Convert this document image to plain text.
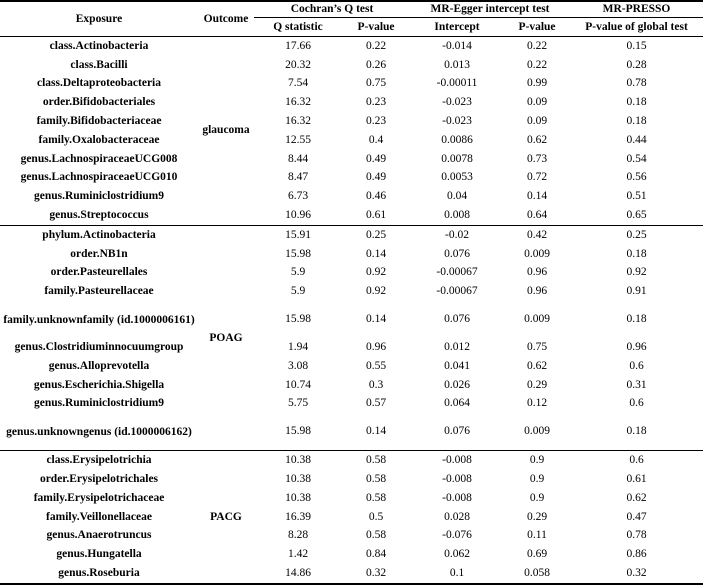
Exposure	Outcome	Cochran’s Q test		MR-Egger intercept test		MR-PRESSO
		Q statistic	P-value	Intercept	P-value	P-value of global test
class.Actinobacteria	glaucoma	17.66	0.22	-0.014	0.22	0.15
class.Bacilli		20.32	0.26	0.013	0.22	0.28
class.Deltaproteobacteria		7.54	0.75	-0.00011	0.99	0.78
order.Bifidobacteriales		16.32	0.23	-0.023	0.09	0.18
family.Bifidobacteriaceae		16.32	0.23	-0.023	0.09	0.18
family.Oxalobacteraceae		12.55	0.4	0.0086	0.62	0.44
genus.LachnospiraceaeUCG008		8.44	0.49	0.0078	0.73	0.54
genus.LachnospiraceaeUCG010		8.47	0.49	0.0053	0.72	0.56
genus.Ruminiclostridium9		6.73	0.46	0.04	0.14	0.51
genus.Streptococcus		10.96	0.61	0.008	0.64	0.65
phylum.Actinobacteria	POAG	15.91	0.25	-0.02	0.42	0.25
order.NB1n		15.98	0.14	0.076	0.009	0.18
order.Pasteurellales		5.9	0.92	-0.00067	0.96	0.92
family.Pasteurellaceae		5.9	0.92	-0.00067	0.96	0.91
family.unknownfamily (id.1000006161)		15.98	0.14	0.076	0.009	0.18
genus.Clostridiuminnocuumgroup		1.94	0.96	0.012	0.75	0.96
genus.Alloprevotella		3.08	0.55	0.041	0.62	0.6
genus.Escherichia.Shigella		10.74	0.3	0.026	0.29	0.31
genus.Ruminiclostridium9		5.75	0.57	0.064	0.12	0.6
genus.unknowngenus (id.1000006162)		15.98	0.14	0.076	0.009	0.18
class.Erysipelotrichia	PACG	10.38	0.58	-0.008	0.9	0.6
order.Erysipelotrichales		10.38	0.58	-0.008	0.9	0.61
family.Erysipelotrichaceae		10.38	0.58	-0.008	0.9	0.62
family.Veillonellaceae		16.39	0.5	0.028	0.29	0.47
genus.Anaerotruncus		8.28	0.58	-0.076	0.11	0.78
genus.Hungatella		1.42	0.84	0.062	0.69	0.86
genus.Roseburia		14.86	0.32	0.1	0.058	0.32
